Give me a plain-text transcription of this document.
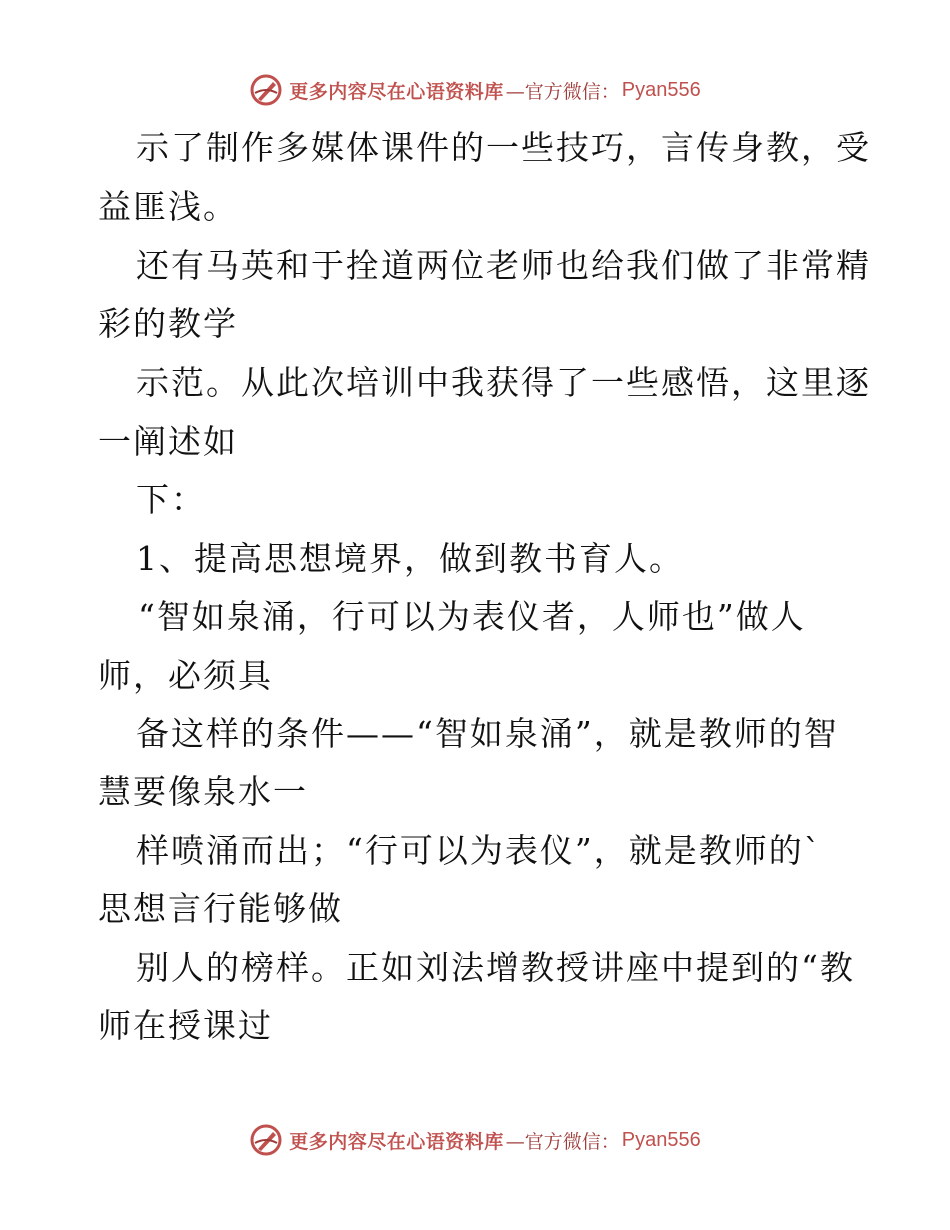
更多内容尽在心语资料库 —官方微信： Pyan556
示了制作多媒体课件的一些技巧，言传身教，受
益匪浅。
还有马英和于拴道两位老师也给我们做了非常精
彩的教学
示范。从此次培训中我获得了一些感悟，这里逐
一阐述如
下：
1、提高思想境界，做到教书育人。
“智如泉涌，行可以为表仪者，人师也”做人
师，必须具
备这样的条件——“智如泉涌”，就是教师的智
慧要像泉水一
样喷涌而出；“行可以为表仪”，就是教师的`
思想言行能够做
别人的榜样。正如刘法增教授讲座中提到的“教
师在授课过
更多内容尽在心语资料库 —官方微信： Pyan556
